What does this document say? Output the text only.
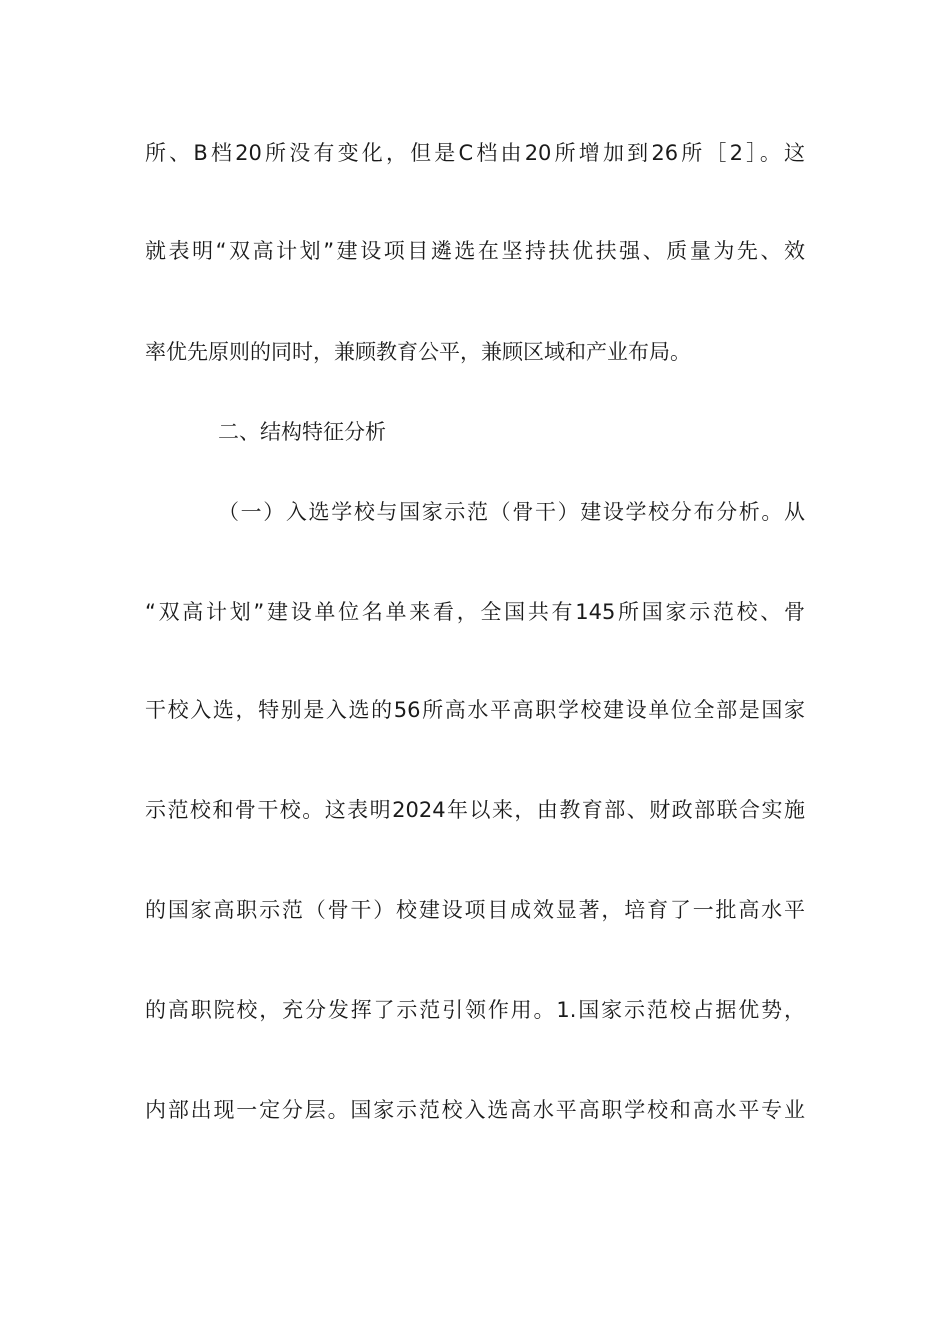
所、B档20所没有变化，但是C档由20所增加到26所［2］。这
就表明“双高计划”建设项目遴选在坚持扶优扶强、质量为先、效
率优先原则的同时，兼顾教育公平，兼顾区域和产业布局。
二、结构特征分析
（一）入选学校与国家示范（骨干）建设学校分布分析。从
“双高计划”建设单位名单来看，全国共有145所国家示范校、骨
干校入选，特别是入选的56所高水平高职学校建设单位全部是国家
示范校和骨干校。这表明2024年以来，由教育部、财政部联合实施
的国家高职示范（骨干）校建设项目成效显著，培育了一批高水平
的高职院校，充分发挥了示范引领作用。1.国家示范校占据优势，
内部出现一定分层。国家示范校入选高水平高职学校和高水平专业
